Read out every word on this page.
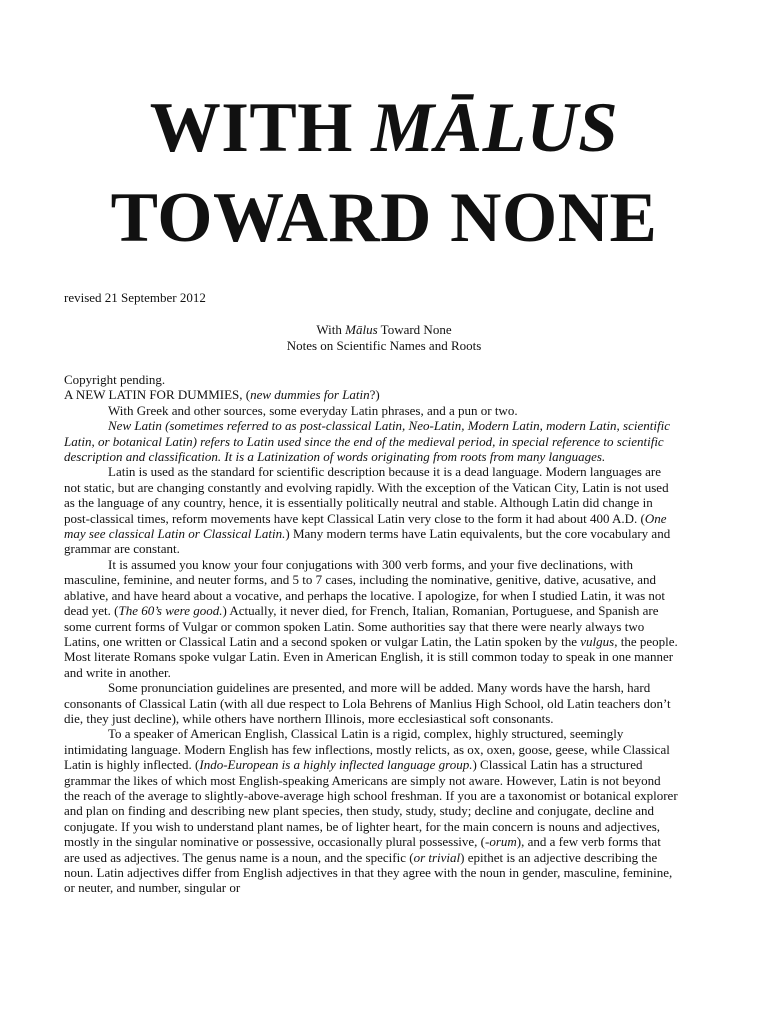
WITH MĀLUS
TOWARD NONE

revised 21 September 2012

With Mālus Toward None

Notes on Scientific Names and Roots

Copyright pending.

A NEW LATIN FOR DUMMIES, (new dummies for Latin?)

With Greek and other sources, some everyday Latin phrases, and a pun or two.

New Latin (sometimes referred to as post-classical Latin, Neo-Latin, Modern Latin, modern Latin, scientific Latin, or botanical Latin) refers to Latin used since the end of the medieval period, in special reference to scientific description and classification. It is a Latinization of words originating from roots from many languages.

Latin is used as the standard for scientific description because it is a dead language. Modern languages are not static, but are changing constantly and evolving rapidly. With the exception of the Vatican City, Latin is not used as the language of any country, hence, it is essentially politically neutral and stable. Although Latin did change in post-classical times, reform movements have kept Classical Latin very close to the form it had about 400 A.D. (One may see classical Latin or Classical Latin.) Many modern terms have Latin equivalents, but the core vocabulary and grammar are constant.

It is assumed you know your four conjugations with 300 verb forms, and your five declinations, with masculine, feminine, and neuter forms, and 5 to 7 cases, including the nominative, genitive, dative, acusative, and ablative, and have heard about a vocative, and perhaps the locative. I apologize, for when I studied Latin, it was not dead yet. (The 60’s were good.) Actually, it never died, for French, Italian, Romanian, Portuguese, and Spanish are some current forms of Vulgar or common spoken Latin. Some authorities say that there were nearly always two Latins, one written or Classical Latin and a second spoken or vulgar Latin, the Latin spoken by the vulgus, the people. Most literate Romans spoke vulgar Latin. Even in American English, it is still common today to speak in one manner and write in another.

Some pronunciation guidelines are presented, and more will be added. Many words have the harsh, hard consonants of Classical Latin (with all due respect to Lola Behrens of Manlius High School, old Latin teachers don’t die, they just decline), while others have northern Illinois, more ecclesiastical soft consonants.

To a speaker of American English, Classical Latin is a rigid, complex, highly structured, seemingly intimidating language. Modern English has few inflections, mostly relicts, as ox, oxen, goose, geese, while Classical Latin is highly inflected. (Indo-European is a highly inflected language group.) Classical Latin has a structured grammar the likes of which most English-speaking Americans are simply not aware. However, Latin is not beyond the reach of the average to slightly-above-average high school freshman. If you are a taxonomist or botanical explorer and plan on finding and describing new plant species, then study, study, study; decline and conjugate, decline and conjugate. If you wish to understand plant names, be of lighter heart, for the main concern is nouns and adjectives, mostly in the singular nominative or possessive, occasionally plural possessive, (-orum), and a few verb forms that are used as adjectives. The genus name is a noun, and the specific (or trivial) epithet is an adjective describing the noun. Latin adjectives differ from English adjectives in that they agree with the noun in gender, masculine, feminine, or neuter, and number, singular or
